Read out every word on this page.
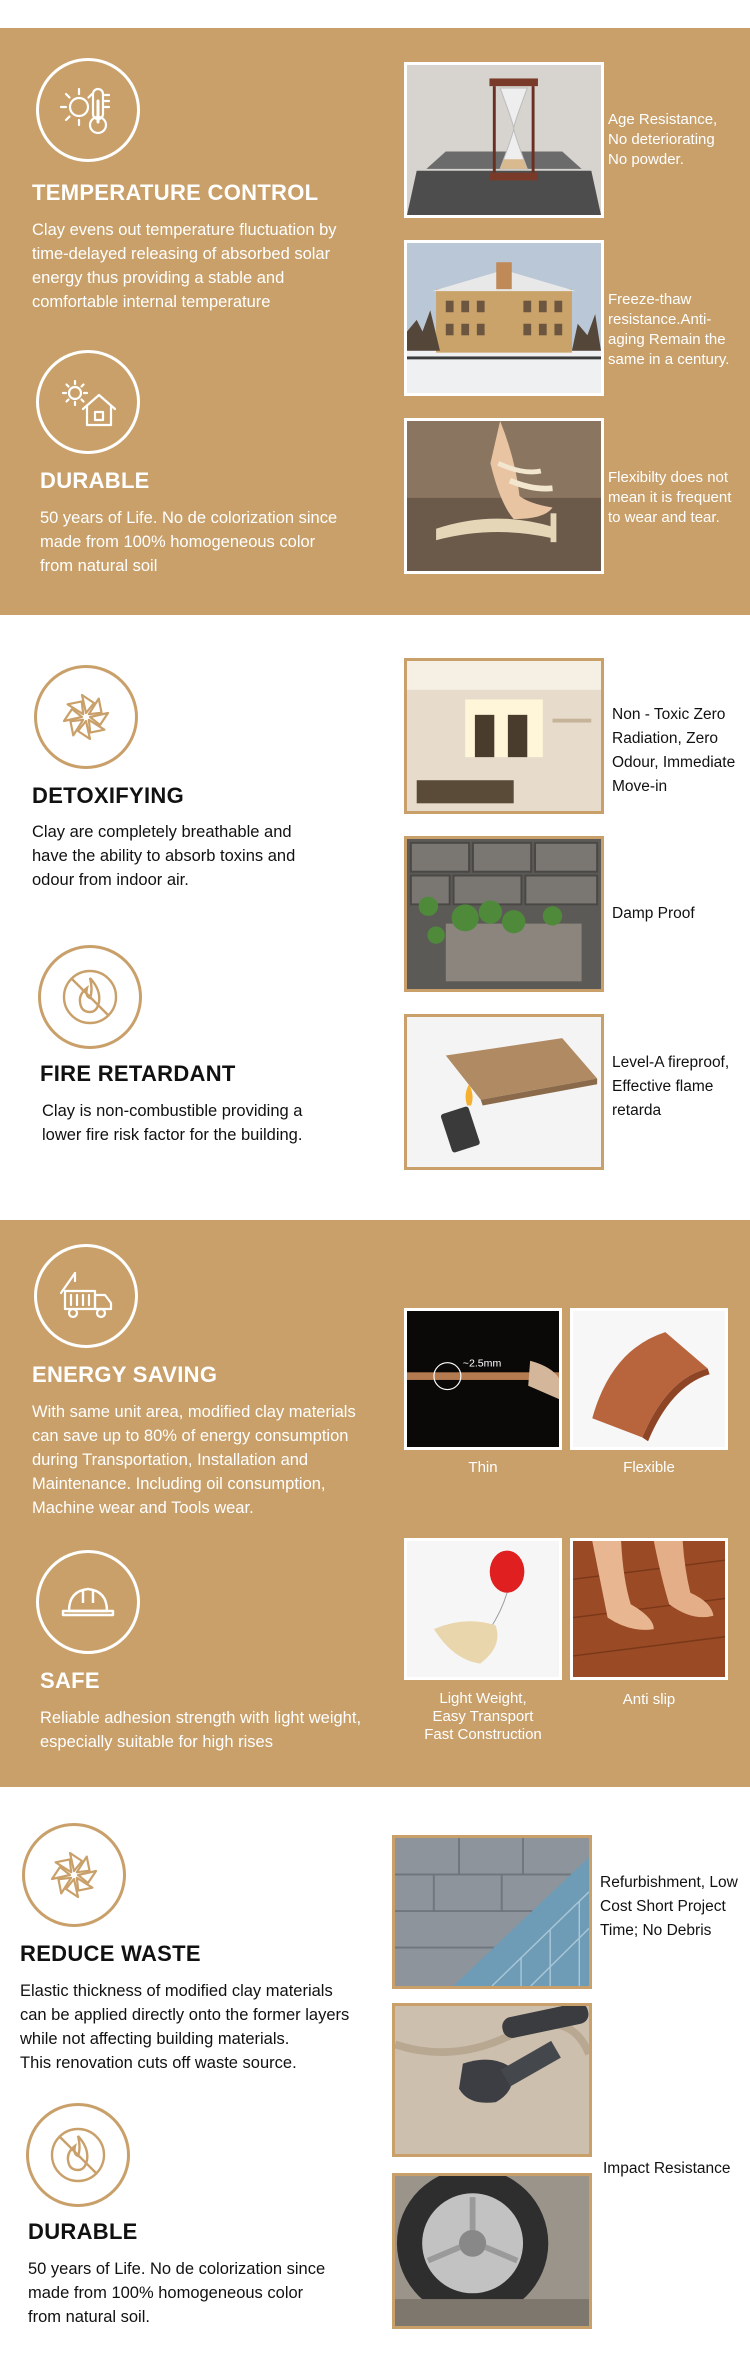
TEMPERATURE CONTROL
Clay evens out temperature fluctuation by
time-delayed releasing of absorbed solar
energy thus providing a stable and
comfortable internal temperature
DURABLE
50 years of Life. No de colorization since
made from 100% homogeneous color
from natural soil
Age Resistance,
No deteriorating
No powder.
Freeze-thaw
resistance.Anti-
aging Remain the
same in a century.
Flexibilty does not
mean it is frequent
to wear and tear.
DETOXIFYING
Clay are completely breathable and
have the ability to absorb toxins and
odour from indoor air.
FIRE RETARDANT
Clay is non-combustible providing a
lower fire risk factor for the building.
Non - Toxic Zero
Radiation, Zero
Odour, Immediate
Move-in
Damp Proof
Level-A fireproof,
Effective flame
retarda
ENERGY SAVING
With same unit area, modified clay materials
can save up to 80% of energy consumption
during Transportation, Installation and
Maintenance. Including oil consumption,
Machine wear and Tools wear.
SAFE
Reliable adhesion strength with light weight,
especially suitable for high rises
~2.5mm
Thin	Flexible
Light Weight,
Easy Transport
Fast Construction
Anti slip
REDUCE WASTE
Elastic thickness of modified clay materials
can be applied directly onto the former layers
while not affecting building materials.
This renovation cuts off waste source.
DURABLE
50 years of Life. No de colorization since
made from 100% homogeneous color
from natural soil.
Refurbishment, Low
Cost Short Project
Time; No Debris
Impact Resistance
